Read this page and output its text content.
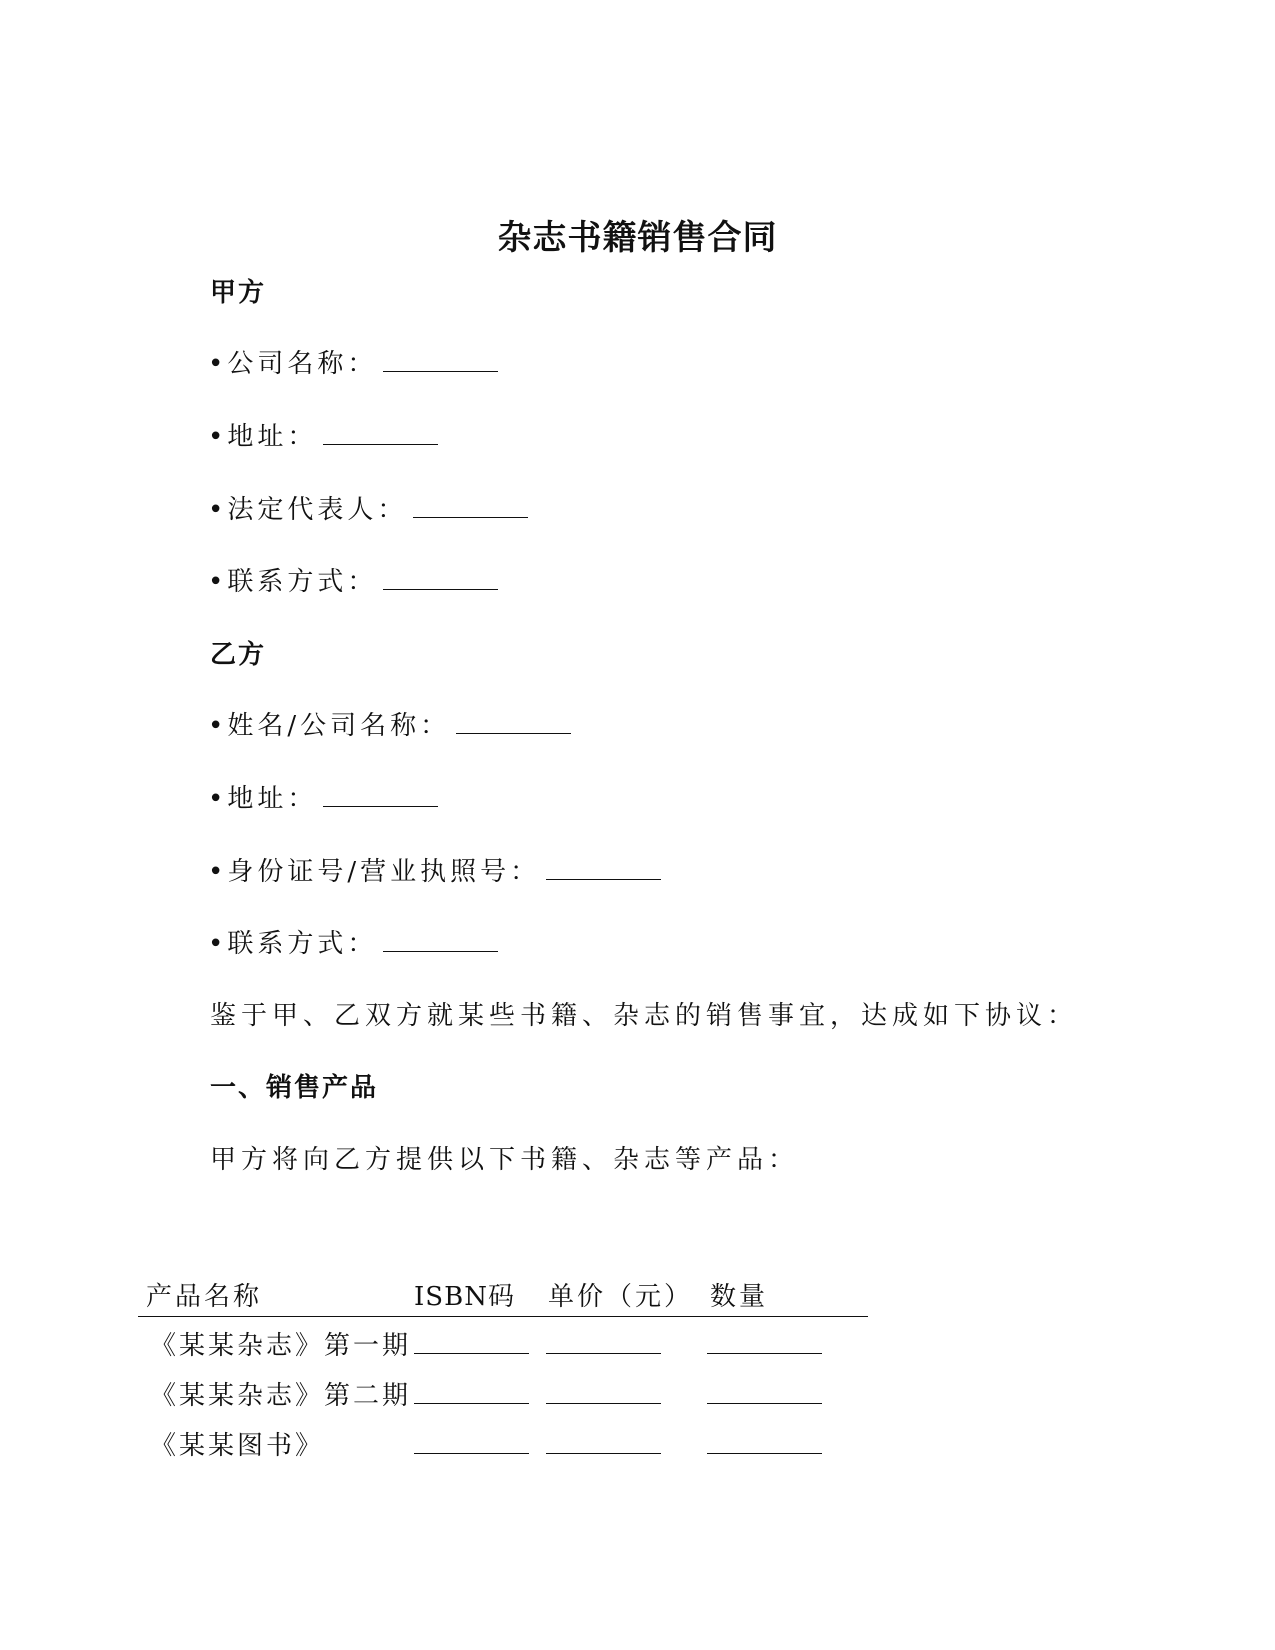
杂志书籍销售合同
甲方
• 公司名称：
• 地址：
• 法定代表人：
• 联系方式：
乙方
• 姓名/公司名称：
• 地址：
• 身份证号/营业执照号：
• 联系方式：
鉴于甲、乙双方就某些书籍、杂志的销售事宜，达成如下协议：
一、销售产品
甲方将向乙方提供以下书籍、杂志等产品：
产品名称	ISBN码 单价（元） 数量
《某某杂志》第一期
《某某杂志》第二期
《某某图书》
